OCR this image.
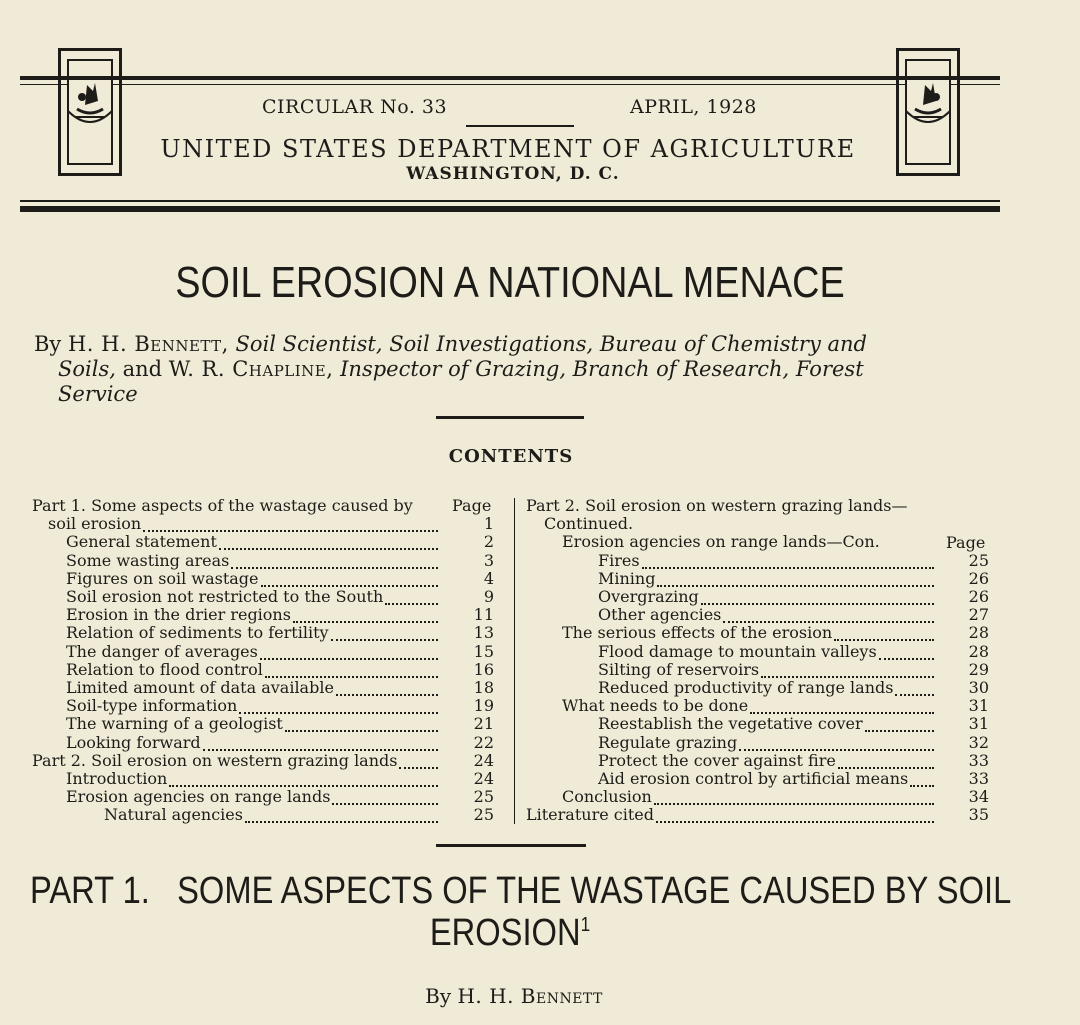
CIRCULAR No. 33	APRIL, 1928
UNITED STATES DEPARTMENT OF AGRICULTURE
WASHINGTON, D. C.
SOIL EROSION A NATIONAL MENACE
By H. H. Bennett, Soil Scientist, Soil Investigations, Bureau of Chemistry and
Soils, and W. R. Chapline, Inspector of Grazing, Branch of Research, Forest
Service
CONTENTS
Part 1. Some aspects of the wastage caused by
soil erosion	1
General statement	2
Some wasting areas	3
Figures on soil wastage	4
Soil erosion not restricted to the South	9
Erosion in the drier regions	11
Relation of sediments to fertility	13
The danger of averages	15
Relation to flood control	16
Limited amount of data available	18
Soil-type information	19
The warning of a geologist	21
Looking forward	22
Part 2. Soil erosion on western grazing lands	24
Introduction	24
Erosion agencies on range lands	25
Natural agencies	25
Part 2. Soil erosion on western grazing lands—
Continued.
Erosion agencies on range lands—Con.
Fires	25
Mining	26
Overgrazing	26
Other agencies	27
The serious effects of the erosion	28
Flood damage to mountain valleys	28
Silting of reservoirs	29
Reduced productivity of range lands	30
What needs to be done	31
Reestablish the vegetative cover	31
Regulate grazing	32
Protect the cover against fire	33
Aid erosion control by artificial means	33
Conclusion	34
Literature cited	35
Page
Page
PART 1.   SOME ASPECTS OF THE WASTAGE CAUSED BY SOIL
EROSION$^1$
By H. H. Bennett
